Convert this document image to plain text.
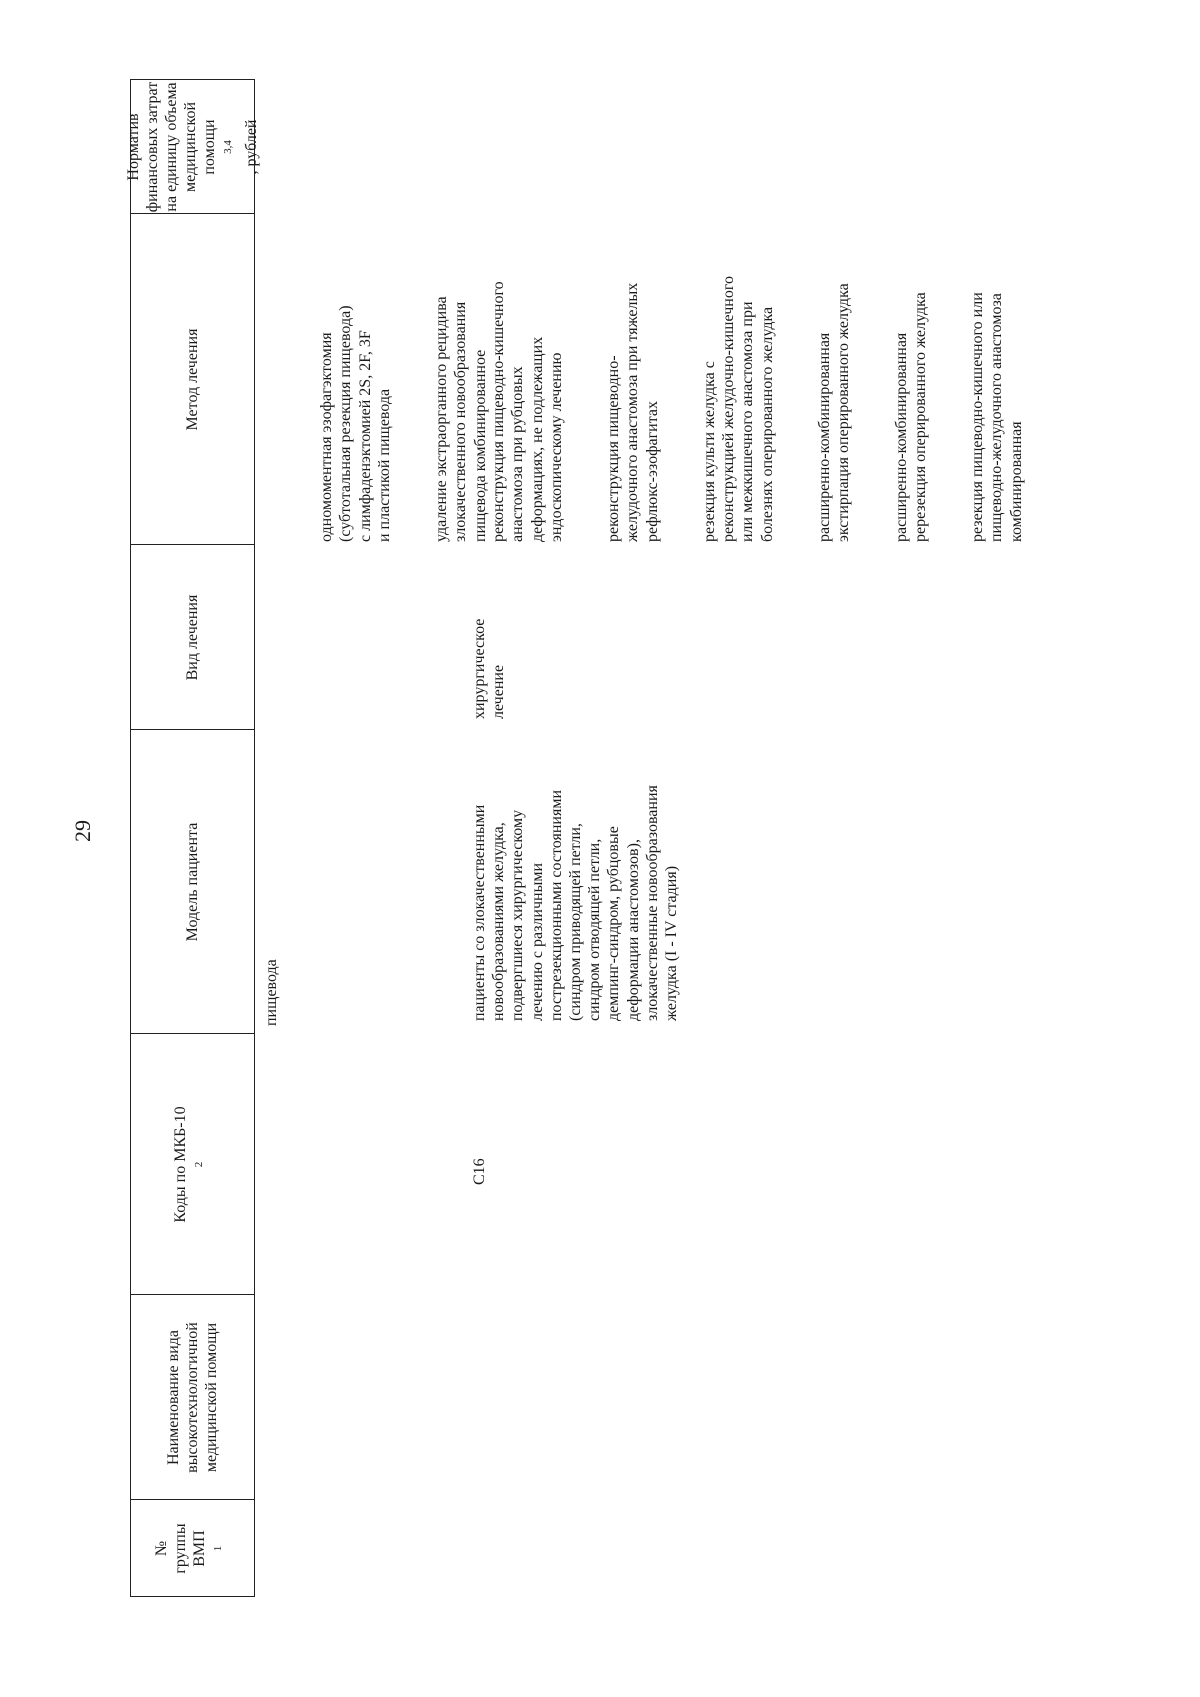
29
№
группы
ВМП $^1$
Наименование вида
высокотехнологичной
медицинской помощи
Коды по МКБ-10 $^2$
Модель пациента
Вид лечения
Метод лечения
Норматив
финансовых затрат
на единицу объема
медицинской
помощи $^{3,4}$ , рублей
пищевода

одномоментная эзофагэктомия
(субтотальная резекция пищевода)
с лимфаденэктомией 2S, 2F, 3F
и пластикой пищевода

удаление экстраорганного рецидива
злокачественного новообразования
пищевода комбинированное

C16
пациенты со злокачественными
новообразованиями желудка,
подвергшиеся хирургическому
лечению с различными
пострезекционными состояниями
(синдром приводящей петли,
синдром отводящей петли,
демпинг-синдром, рубцовые
деформации анастомозов),
злокачественные новообразования
желудка (I - IV стадия)
хирургическое
лечение

реконструкция пищеводно-кишечного
анастомоза при рубцовых
деформациях, не подлежащих
эндоскопическому лечению

реконструкция пищеводно-
желудочного анастомоза при тяжелых
рефлюкс-эзофагитах	резекция культи желудка с
реконструкцией желудочно-кишечного
или межкишечного анастомоза при
болезнях оперированного желудка	расширенно-комбинированная
экстирпация оперированного желудка

расширенно-комбинированная
ререзекция оперированного желудка

резекция пищеводно-кишечного или
пищеводно-желудочного анастомоза
комбинированная
